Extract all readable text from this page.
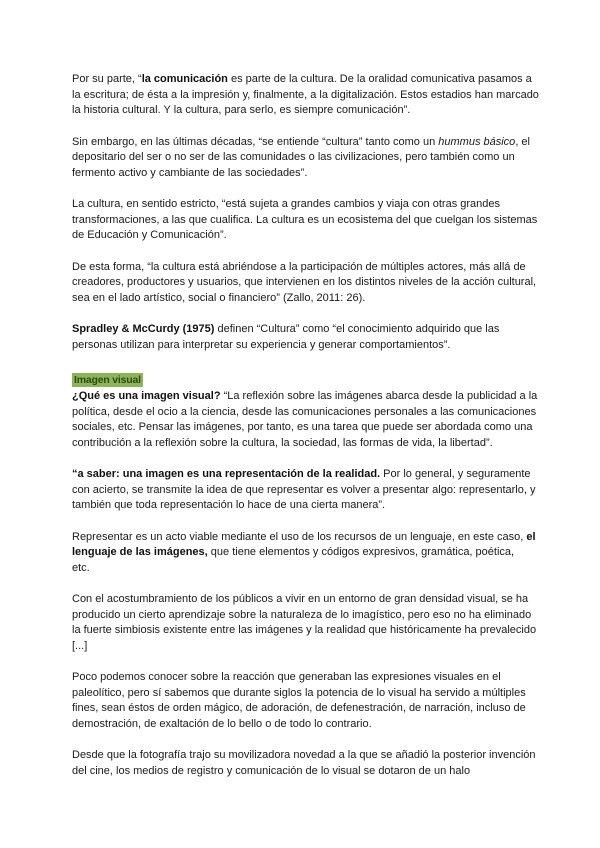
Por su parte, “la comunicación es parte de la cultura. De la oralidad comunicativa pasamos a la escritura; de ésta a la impresión y, finalmente, a la digitalización. Estos estadios han marcado la historia cultural. Y la cultura, para serlo, es siempre comunicación”.

Sin embargo, en las últimas décadas, “se entiende “cultura” tanto como un hummus básico, el depositario del ser o no ser de las comunidades o las civilizaciones, pero también como un fermento activo y cambiante de las sociedades”.

La cultura, en sentido estricto, “está sujeta a grandes cambios y viaja con otras grandes transformaciones, a las que cualifica. La cultura es un ecosistema del que cuelgan los sistemas de Educación y Comunicación”.

De esta forma, “la cultura está abriéndose a la participación de múltiples actores, más allá de creadores, productores y usuarios, que intervienen en los distintos niveles de la acción cultural, sea en el lado artístico, social o financiero” (Zallo, 2011: 26).

Spradley & McCurdy (1975) definen “Cultura” como “el conocimiento adquirido que las personas utilizan para interpretar su experiencia y generar comportamientos”.

Imagen visual

¿Qué es una imagen visual? “La reflexión sobre las imágenes abarca desde la publicidad a la política, desde el ocio a la ciencia, desde las comunicaciones personales a las comunicaciones sociales, etc. Pensar las imágenes, por tanto, es una tarea que puede ser abordada como una contribución a la reflexión sobre la cultura, la sociedad, las formas de vida, la libertad”.

“a saber: una imagen es una representación de la realidad. Por lo general, y seguramente con acierto, se transmite la idea de que representar es volver a presentar algo: representarlo, y también que toda representación lo hace de una cierta manera”.

Representar es un acto viable mediante el uso de los recursos de un lenguaje, en este caso, el lenguaje de las imágenes, que tiene elementos y códigos expresivos, gramática, poética,
etc.

Con el acostumbramiento de los públicos a vivir en un entorno de gran densidad visual, se ha producido un cierto aprendizaje sobre la naturaleza de lo imagístico, pero eso no ha eliminado la fuerte simbiosis existente entre las imágenes y la realidad que históricamente ha prevalecido [...]

Poco podemos conocer sobre la reacción que generaban las expresiones visuales en el paleolítico, pero sí sabemos que durante siglos la potencia de lo visual ha servido a múltiples fines, sean éstos de orden mágico, de adoración, de defenestración, de narración, incluso de demostración, de exaltación de lo bello o de todo lo contrario.

Desde que la fotografía trajo su movilizadora novedad a la que se añadió la posterior invención del cine, los medios de registro y comunicación de lo visual se dotaron de un halo
